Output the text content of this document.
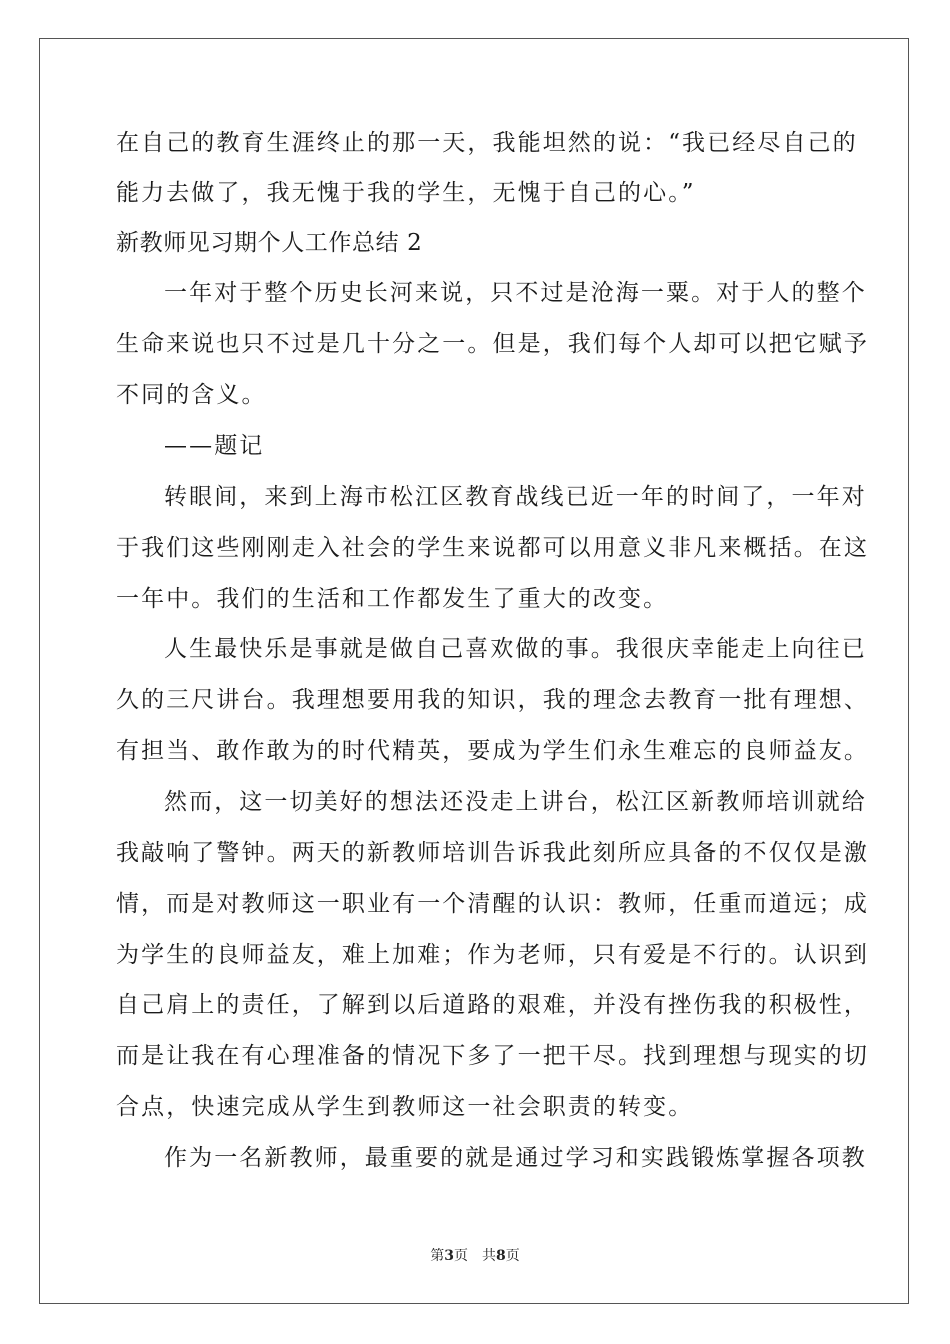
在自己的教育生涯终止的那一天，我能坦然的说：“我已经尽自己的
能力去做了，我无愧于我的学生，无愧于自己的心。”
新教师见习期个人工作总结 2
一年对于整个历史长河来说，只不过是沧海一粟。对于人的整个
生命来说也只不过是几十分之一。但是，我们每个人却可以把它赋予
不同的含义。
——题记
转眼间，来到上海市松江区教育战线已近一年的时间了，一年对
于我们这些刚刚走入社会的学生来说都可以用意义非凡来概括。在这
一年中。我们的生活和工作都发生了重大的改变。
人生最快乐是事就是做自己喜欢做的事。我很庆幸能走上向往已
久的三尺讲台。我理想要用我的知识，我的理念去教育一批有理想、
有担当、敢作敢为的时代精英，要成为学生们永生难忘的良师益友。
然而，这一切美好的想法还没走上讲台，松江区新教师培训就给
我敲响了警钟。两天的新教师培训告诉我此刻所应具备的不仅仅是激
情，而是对教师这一职业有一个清醒的认识：教师，任重而道远；成
为学生的良师益友，难上加难；作为老师，只有爱是不行的。认识到
自己肩上的责任，了解到以后道路的艰难，并没有挫伤我的积极性，
而是让我在有心理准备的情况下多了一把干尽。找到理想与现实的切
合点，快速完成从学生到教师这一社会职责的转变。
作为一名新教师，最重要的就是通过学习和实践锻炼掌握各项教
第3页　共8页
